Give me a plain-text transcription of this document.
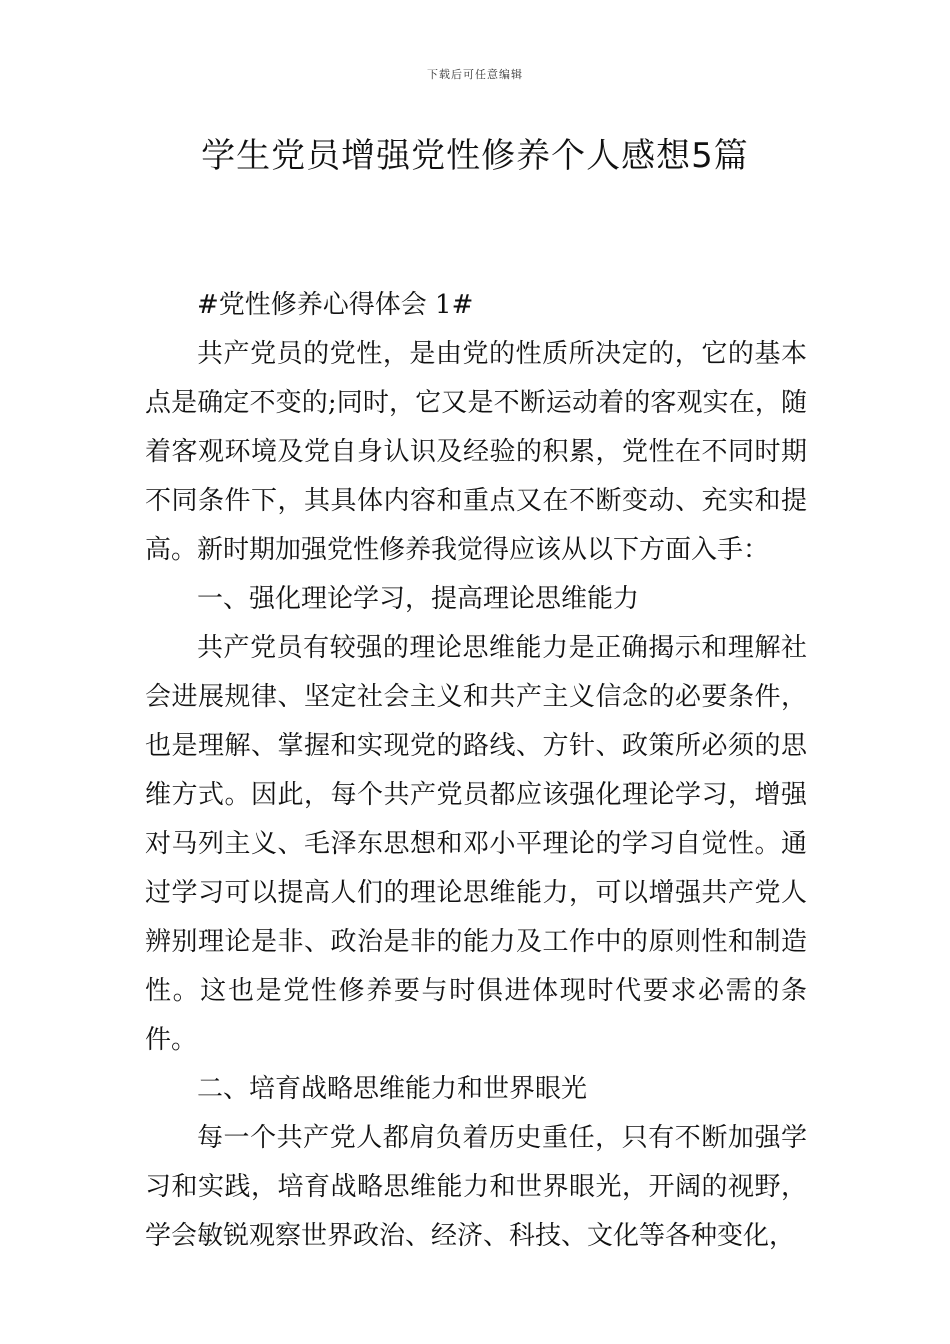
下载后可任意编辑
学生党员增强党性修养个人感想5篇

#党性修养心得体会 1#

共产党员的党性，是由党的性质所决定的，它的基本点是确定不变的;同时，它又是不断运动着的客观实在，随着客观环境及党自身认识及经验的积累，党性在不同时期不同条件下，其具体内容和重点又在不断变动、充实和提高。新时期加强党性修养我觉得应该从以下方面入手：

一、强化理论学习，提高理论思维能力

共产党员有较强的理论思维能力是正确揭示和理解社会进展规律、坚定社会主义和共产主义信念的必要条件，也是理解、掌握和实现党的路线、方针、政策所必须的思维方式。因此，每个共产党员都应该强化理论学习，增强对马列主义、毛泽东思想和邓小平理论的学习自觉性。通过学习可以提高人们的理论思维能力，可以增强共产党人辨别理论是非、政治是非的能力及工作中的原则性和制造性。这也是党性修养要与时俱进体现时代要求必需的条件。

二、培育战略思维能力和世界眼光

每一个共产党人都肩负着历史重任，只有不断加强学习和实践，培育战略思维能力和世界眼光，开阔的视野，学会敏锐观察世界政治、经济、科技、文化等各种变化，
